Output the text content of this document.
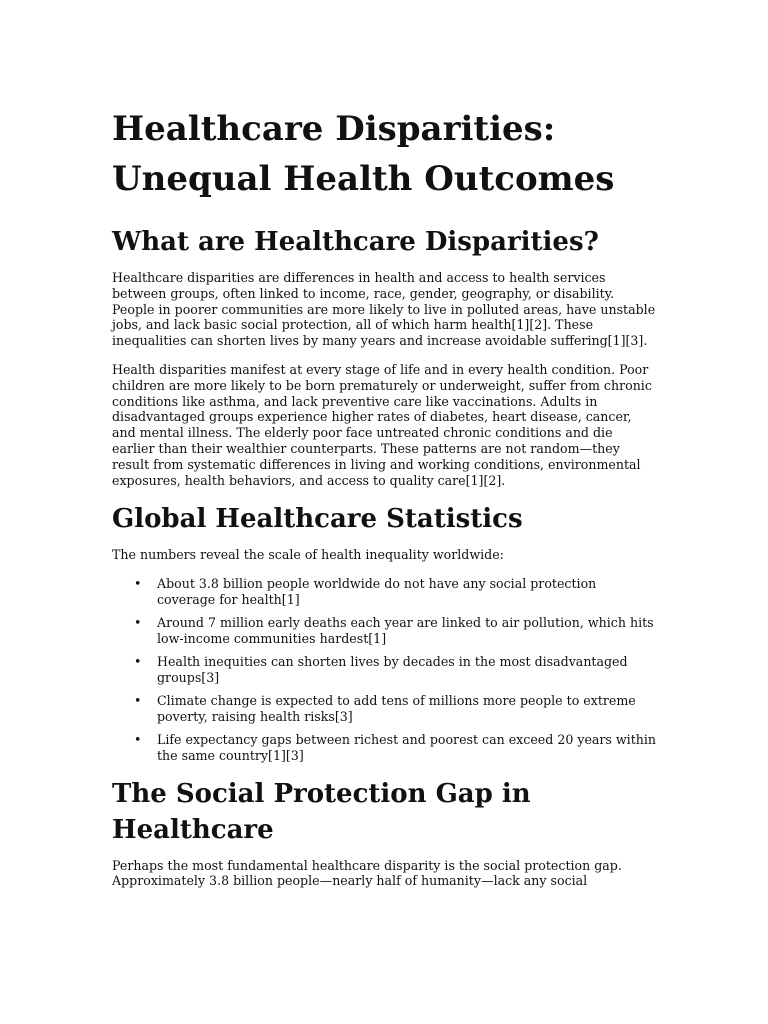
Healthcare Disparities: Unequal Health Outcomes
What are Healthcare Disparities?

Healthcare disparities are differences in health and access to health services between groups, often linked to income, race, gender, geography, or disability. People in poorer communities are more likely to live in polluted areas, have unstable jobs, and lack basic social protection, all of which harm health[1][2]. These inequalities can shorten lives by many years and increase avoidable suffering[1][3].

Health disparities manifest at every stage of life and in every health condition. Poor children are more likely to be born prematurely or underweight, suffer from chronic conditions like asthma, and lack preventive care like vaccinations. Adults in disadvantaged groups experience higher rates of diabetes, heart disease, cancer, and mental illness. The elderly poor face untreated chronic conditions and die earlier than their wealthier counterparts. These patterns are not random—they result from systematic differences in living and working conditions, environmental exposures, health behaviors, and access to quality care[1][2].

Global Healthcare Statistics

The numbers reveal the scale of health inequality worldwide:

• About 3.8 billion people worldwide do not have any social protection coverage for health[1]
• Around 7 million early deaths each year are linked to air pollution, which hits low-income communities hardest[1]
• Health inequities can shorten lives by decades in the most disadvantaged groups[3]
• Climate change is expected to add tens of millions more people to extreme poverty, raising health risks[3]
• Life expectancy gaps between richest and poorest can exceed 20 years within the same country[1][3]
The Social Protection Gap in Healthcare

Perhaps the most fundamental healthcare disparity is the social protection gap. Approximately 3.8 billion people—nearly half of humanity—lack any social
